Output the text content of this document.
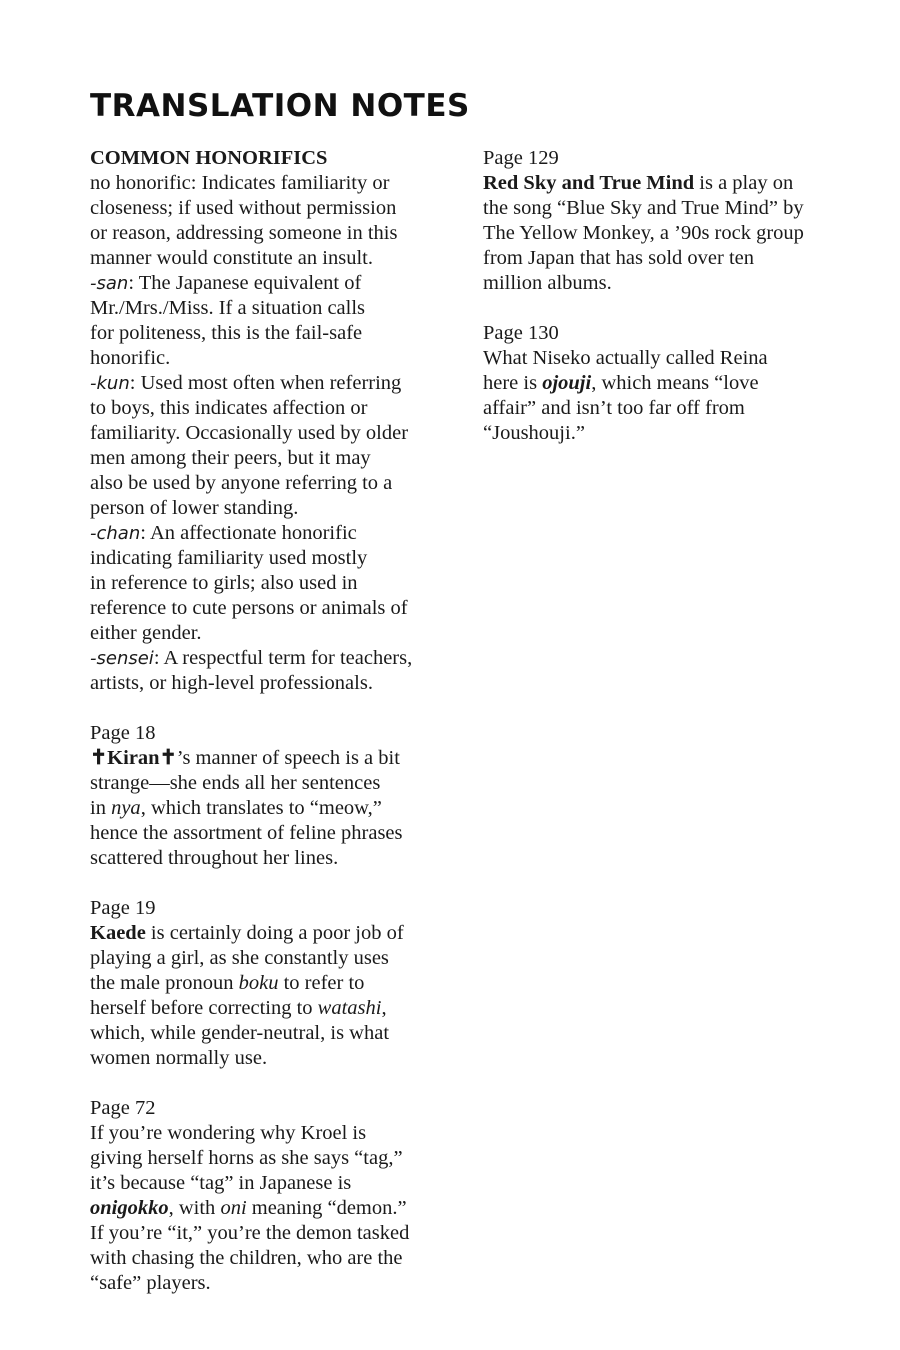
TRANSLATION NOTES
COMMON HONORIFICS
no honorific: Indicates familiarity or
closeness; if used without permission
or reason, addressing someone in this
manner would constitute an insult.
-san: The Japanese equivalent of
Mr./Mrs./Miss. If a situation calls
for politeness, this is the fail-safe
honorific.
-kun: Used most often when referring
to boys, this indicates affection or
familiarity. Occasionally used by older
men among their peers, but it may
also be used by anyone referring to a
person of lower standing.
-chan: An affectionate honorific
indicating familiarity used mostly
in reference to girls; also used in
reference to cute persons or animals of
either gender.
-sensei: A respectful term for teachers,
artists, or high-level professionals.
Page 18
✝Kiran✝’s manner of speech is a bit
strange—she ends all her sentences
in nya, which translates to “meow,”
hence the assortment of feline phrases
scattered throughout her lines.
Page 19
Kaede is certainly doing a poor job of
playing a girl, as she constantly uses
the male pronoun boku to refer to
herself before correcting to watashi,
which, while gender-neutral, is what
women normally use.
Page 72
If you’re wondering why Kroel is
giving herself horns as she says “tag,”
it’s because “tag” in Japanese is
onigokko, with oni meaning “demon.”
If you’re “it,” you’re the demon tasked
with chasing the children, who are the
“safe” players.
Page 129
Red Sky and True Mind is a play on
the song “Blue Sky and True Mind” by
The Yellow Monkey, a ’90s rock group
from Japan that has sold over ten
million albums.
Page 130
What Niseko actually called Reina
here is ojouji, which means “love
affair” and isn’t too far off from
“Joushouji.”
